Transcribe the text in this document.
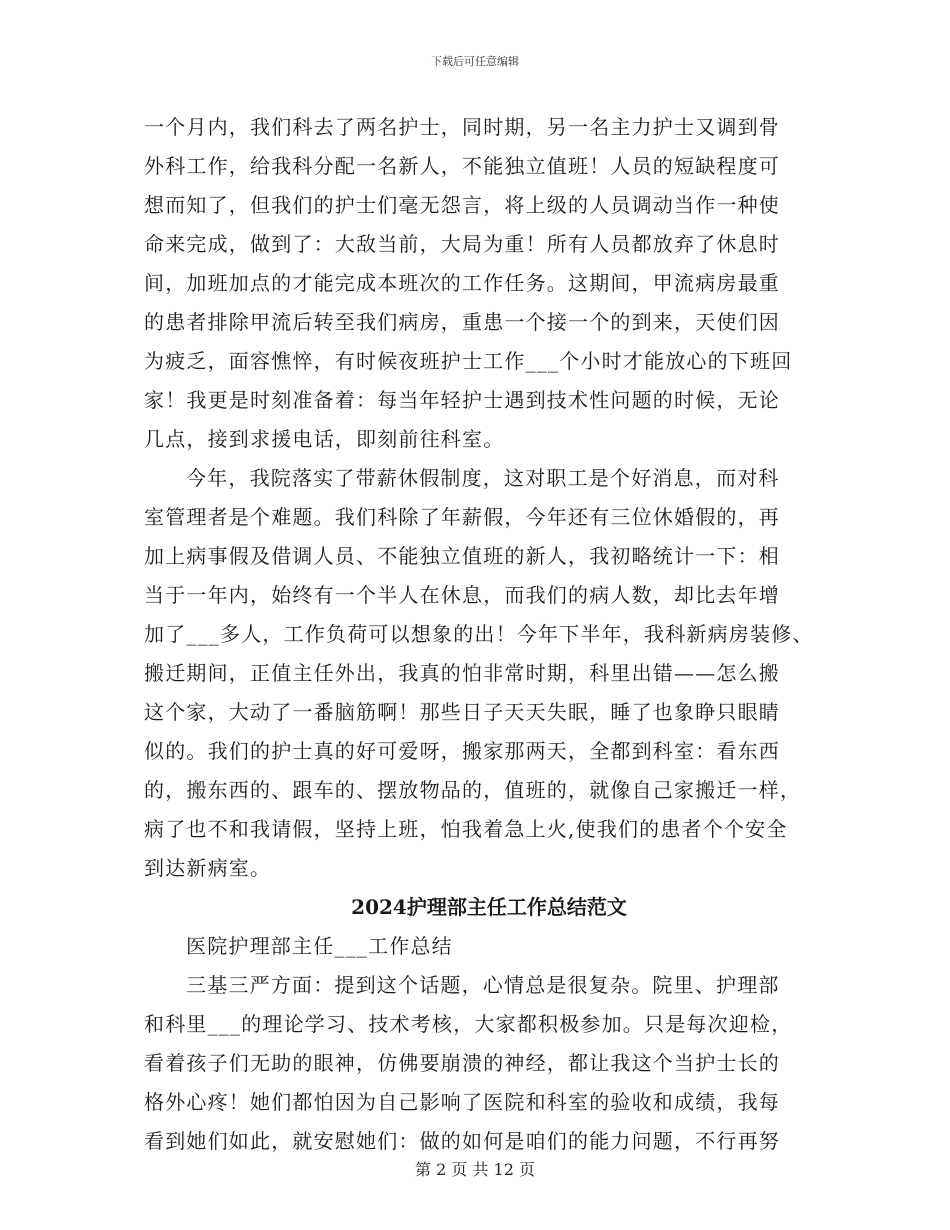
下载后可任意编辑
一个月内，我们科去了两名护士，同时期，另一名主力护士又调到骨
外科工作，给我科分配一名新人，不能独立值班！人员的短缺程度可
想而知了，但我们的护士们毫无怨言，将上级的人员调动当作一种使
命来完成，做到了：大敌当前，大局为重！所有人员都放弃了休息时
间，加班加点的才能完成本班次的工作任务。这期间，甲流病房最重
的患者排除甲流后转至我们病房，重患一个接一个的到来，天使们因
为疲乏，面容憔悴，有时候夜班护士工作___个小时才能放心的下班回
家！我更是时刻准备着：每当年轻护士遇到技术性问题的时候，无论
几点，接到求援电话，即刻前往科室。
今年，我院落实了带薪休假制度，这对职工是个好消息，而对科
室管理者是个难题。我们科除了年薪假，今年还有三位休婚假的，再
加上病事假及借调人员、不能独立值班的新人，我初略统计一下：相
当于一年内，始终有一个半人在休息，而我们的病人数，却比去年增
加了___多人，工作负荷可以想象的出！今年下半年，我科新病房装修、
搬迁期间，正值主任外出，我真的怕非常时期，科里出错——怎么搬
这个家，大动了一番脑筋啊！那些日子天天失眠，睡了也象睁只眼睛
似的。我们的护士真的好可爱呀，搬家那两天，全都到科室：看东西
的，搬东西的、跟车的、摆放物品的，值班的，就像自己家搬迁一样，
病了也不和我请假，坚持上班，怕我着急上火,使我们的患者个个安全
到达新病室。
2024护理部主任工作总结范文
医院护理部主任___工作总结
三基三严方面：提到这个话题，心情总是很复杂。院里、护理部
和科里___的理论学习、技术考核，大家都积极参加。只是每次迎检，
看着孩子们无助的眼神，仿佛要崩溃的神经，都让我这个当护士长的
格外心疼！她们都怕因为自己影响了医院和科室的验收和成绩，我每
看到她们如此，就安慰她们：做的如何是咱们的能力问题，不行再努
第 2 页 共 12 页
